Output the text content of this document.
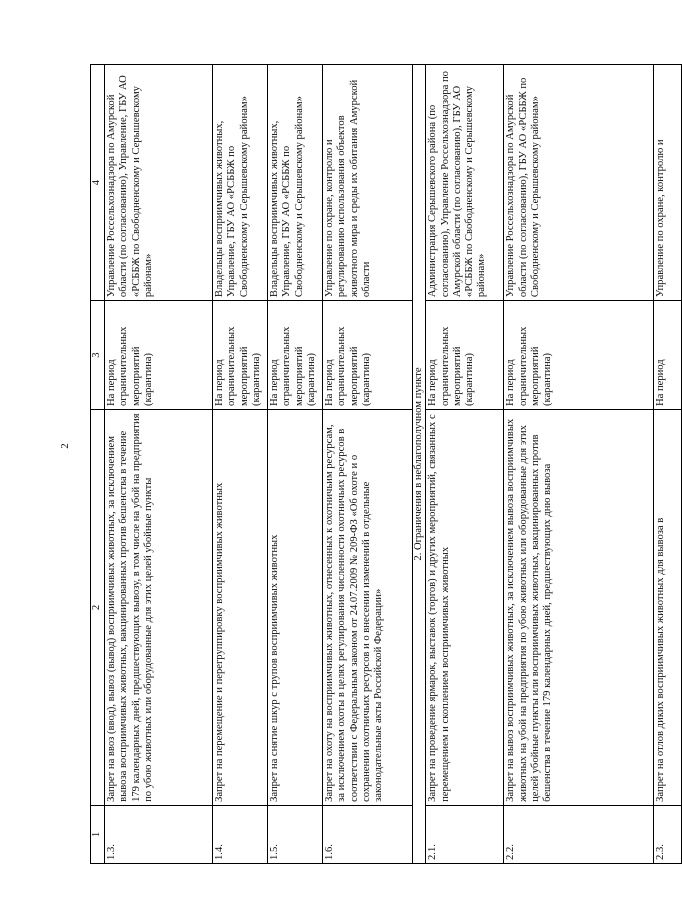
2
1	2	3	4
1.3.	Запрет на ввоз (ввод), вывоз (вывод) восприимчивых животных, за исключением вывоза восприимчивых животных, вакцинированных против бешенства в течение 179 календарных дней, предшествующих вывозу, в том числе на убой на предприятия по убою животных или оборудованные для этих целей убойные пункты	На период ограничительных мероприятий (карантина)	Управление Россельхознадзора по Амурской области (по согласованию), Управление, ГБУ АО «РСББЖ по Свободненскому и Серышевскому районам»
1.4.	Запрет на перемещение и перегруппировку восприимчивых животных	На период ограничительных мероприятий (карантина)	Владельцы восприимчивых животных, Управление, ГБУ АО «РСББЖ по Свободненскому и Серышевскому районам»
1.5.	Запрет на снятие шкур с трупов восприимчивых животных	На период ограничительных мероприятий (карантина)	Владельцы восприимчивых животных, Управление, ГБУ АО «РСББЖ по Свободненскому и Серышевскому районам»
1.6.	Запрет на охоту на восприимчивых животных, отнесенных к охотничьим ресурсам, за исключением охоты в целях регулирования численности охотничьих ресурсов в соответствии с Федеральным законом от 24.07.2009 № 209-ФЗ «Об охоте и о сохранении охотничьих ресурсов и о внесении изменений в отдельные законодательные акты Российской Федерации»	На период ограничительных мероприятий (карантина)	Управление по охране, контролю и регулированию использования объектов животного мира и среды их обитания Амурской области
2. Ограничения в неблагополучном пункте			
2.1.	Запрет на проведение ярмарок, выставок (торгов) и других мероприятий, связанных с перемещением и скоплением восприимчивых животных	На период ограничительных мероприятий (карантина)	Администрация Серышевского района (по согласованию), Управление Россельхознадзора по Амурской области (по согласованию), ГБУ АО «РСББЖ по Свободненскому и Серышевскому районам»
2.2.	Запрет на вывоз восприимчивых животных, за исключением вывоза восприимчивых животных на убой на предприятия по убою животных или оборудованные для этих целей убойные пункты или восприимчивых животных, вакцинированных против бешенства в течение 179 календарных дней, предшествующих дню вывоза	На период ограничительных мероприятий (карантина)	Управление Россельхознадзора по Амурской области (по согласованию), ГБУ АО «РСББЖ по Свободненскому и Серышевскому районам»
2.3.	Запрет на отлов диких восприимчивых животных для вывоза в	На период	Управление по охране, контролю и
